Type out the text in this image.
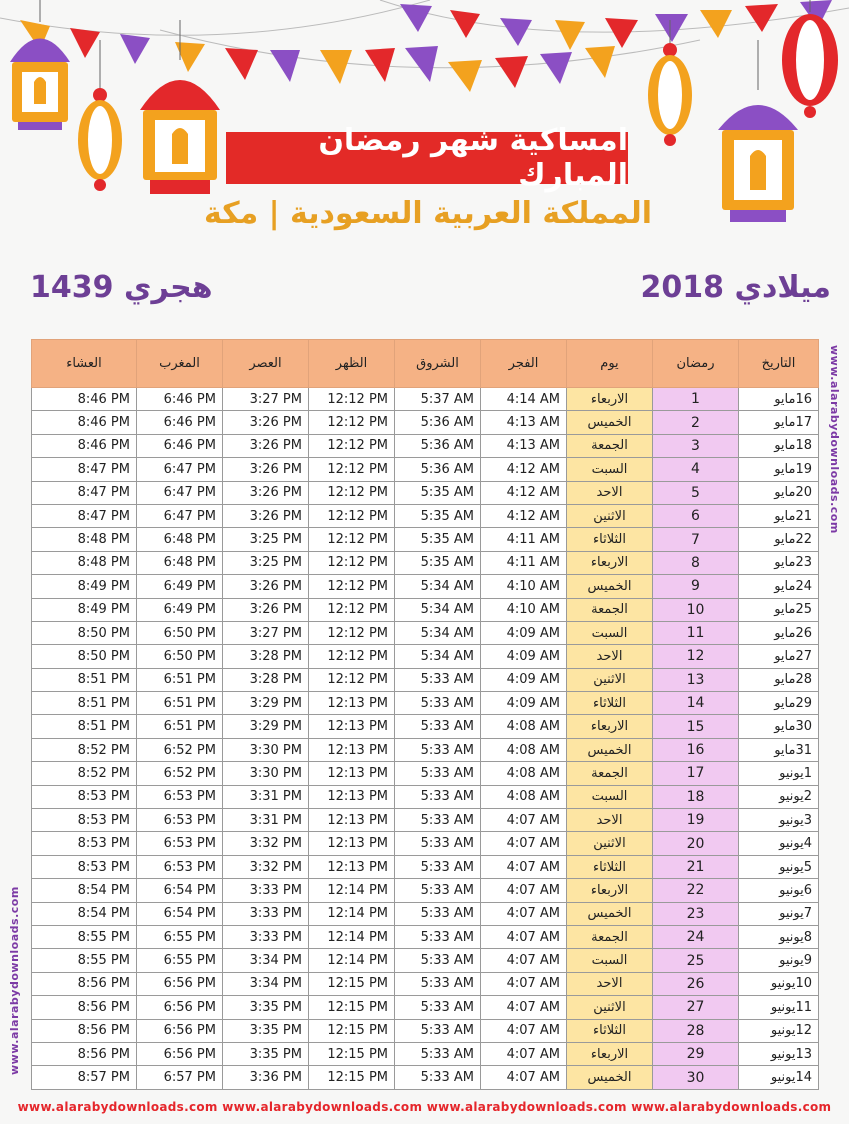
امساكية شهر رمضان المبارك
المملكة العربية السعودية | مكة
2018 ميلادي
1439 هجري
www.alarabydownloads.com
www.alarabydownloads.com
التاريخ	رمضان	يوم	الفجر	الشروق	الظهر	العصر	المغرب	العشاء
16مايو	1	الاربعاء	4:14 AM	5:37 AM	12:12 PM	3:27 PM	6:46 PM	8:46 PM
17مايو	2	الخميس	4:13 AM	5:36 AM	12:12 PM	3:26 PM	6:46 PM	8:46 PM
18مايو	3	الجمعة	4:13 AM	5:36 AM	12:12 PM	3:26 PM	6:46 PM	8:46 PM
19مايو	4	السبت	4:12 AM	5:36 AM	12:12 PM	3:26 PM	6:47 PM	8:47 PM
20مايو	5	الاحد	4:12 AM	5:35 AM	12:12 PM	3:26 PM	6:47 PM	8:47 PM
21مايو	6	الاثنين	4:12 AM	5:35 AM	12:12 PM	3:26 PM	6:47 PM	8:47 PM
22مايو	7	الثلاثاء	4:11 AM	5:35 AM	12:12 PM	3:25 PM	6:48 PM	8:48 PM
23مايو	8	الاربعاء	4:11 AM	5:35 AM	12:12 PM	3:25 PM	6:48 PM	8:48 PM
24مايو	9	الخميس	4:10 AM	5:34 AM	12:12 PM	3:26 PM	6:49 PM	8:49 PM
25مايو	10	الجمعة	4:10 AM	5:34 AM	12:12 PM	3:26 PM	6:49 PM	8:49 PM
26مايو	11	السبت	4:09 AM	5:34 AM	12:12 PM	3:27 PM	6:50 PM	8:50 PM
27مايو	12	الاحد	4:09 AM	5:34 AM	12:12 PM	3:28 PM	6:50 PM	8:50 PM
28مايو	13	الاثنين	4:09 AM	5:33 AM	12:12 PM	3:28 PM	6:51 PM	8:51 PM
29مايو	14	الثلاثاء	4:09 AM	5:33 AM	12:13 PM	3:29 PM	6:51 PM	8:51 PM
30مايو	15	الاربعاء	4:08 AM	5:33 AM	12:13 PM	3:29 PM	6:51 PM	8:51 PM
31مايو	16	الخميس	4:08 AM	5:33 AM	12:13 PM	3:30 PM	6:52 PM	8:52 PM
1يونيو	17	الجمعة	4:08 AM	5:33 AM	12:13 PM	3:30 PM	6:52 PM	8:52 PM
2يونيو	18	السبت	4:08 AM	5:33 AM	12:13 PM	3:31 PM	6:53 PM	8:53 PM
3يونيو	19	الاحد	4:07 AM	5:33 AM	12:13 PM	3:31 PM	6:53 PM	8:53 PM
4يونيو	20	الاثنين	4:07 AM	5:33 AM	12:13 PM	3:32 PM	6:53 PM	8:53 PM
5يونيو	21	الثلاثاء	4:07 AM	5:33 AM	12:13 PM	3:32 PM	6:53 PM	8:53 PM
6يونيو	22	الاربعاء	4:07 AM	5:33 AM	12:14 PM	3:33 PM	6:54 PM	8:54 PM
7يونيو	23	الخميس	4:07 AM	5:33 AM	12:14 PM	3:33 PM	6:54 PM	8:54 PM
8يونيو	24	الجمعة	4:07 AM	5:33 AM	12:14 PM	3:33 PM	6:55 PM	8:55 PM
9يونيو	25	السبت	4:07 AM	5:33 AM	12:14 PM	3:34 PM	6:55 PM	8:55 PM
10يونيو	26	الاحد	4:07 AM	5:33 AM	12:15 PM	3:34 PM	6:56 PM	8:56 PM
11يونيو	27	الاثنين	4:07 AM	5:33 AM	12:15 PM	3:35 PM	6:56 PM	8:56 PM
12يونيو	28	الثلاثاء	4:07 AM	5:33 AM	12:15 PM	3:35 PM	6:56 PM	8:56 PM
13يونيو	29	الاربعاء	4:07 AM	5:33 AM	12:15 PM	3:35 PM	6:56 PM	8:56 PM
14يونيو	30	الخميس	4:07 AM	5:33 AM	12:15 PM	3:36 PM	6:57 PM	8:57 PM
www.alarabydownloads.com www.alarabydownloads.com www.alarabydownloads.com www.alarabydownloads.com
